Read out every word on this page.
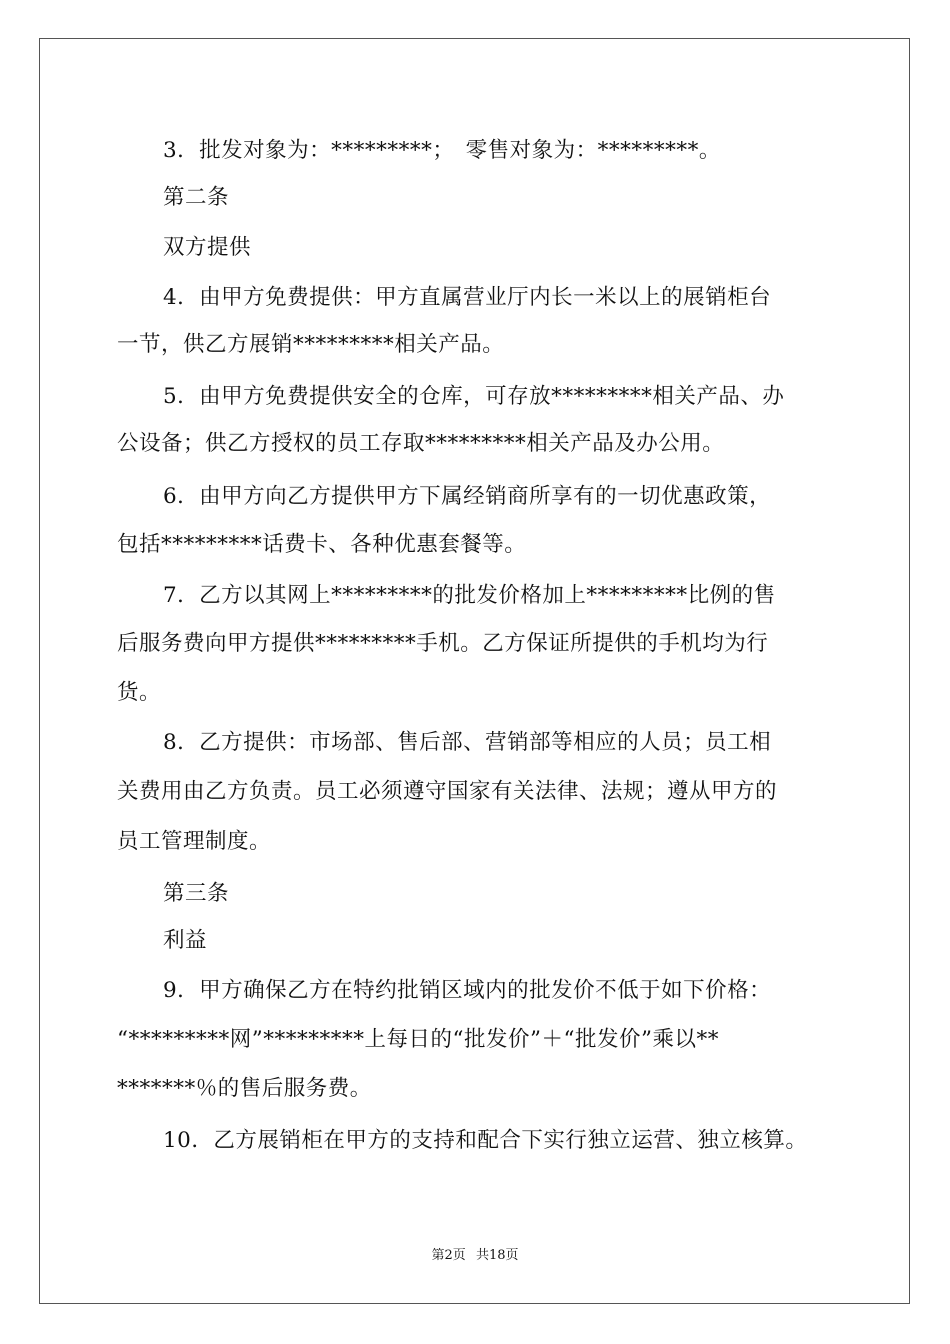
3．批发对象为：*********；　零售对象为：*********。
第二条
双方提供
4．由甲方免费提供：甲方直属营业厅内长一米以上的展销柜台
一节，供乙方展销*********相关产品。
5．由甲方免费提供安全的仓库，可存放*********相关产品、办
公设备；供乙方授权的员工存取*********相关产品及办公用。
6．由甲方向乙方提供甲方下属经销商所享有的一切优惠政策，
包括*********话费卡、各种优惠套餐等。
7．乙方以其网上*********的批发价格加上*********比例的售
后服务费向甲方提供*********手机。乙方保证所提供的手机均为行
货。
8．乙方提供：市场部、售后部、营销部等相应的人员；员工相
关费用由乙方负责。员工必须遵守国家有关法律、法规；遵从甲方的
员工管理制度。
第三条
利益
9．甲方确保乙方在特约批销区域内的批发价不低于如下价格：
“*********网”*********上每日的“批发价”＋“批发价”乘以**
*******％的售后服务费。
10．乙方展销柜在甲方的支持和配合下实行独立运营、独立核算。
第2页 共18页
